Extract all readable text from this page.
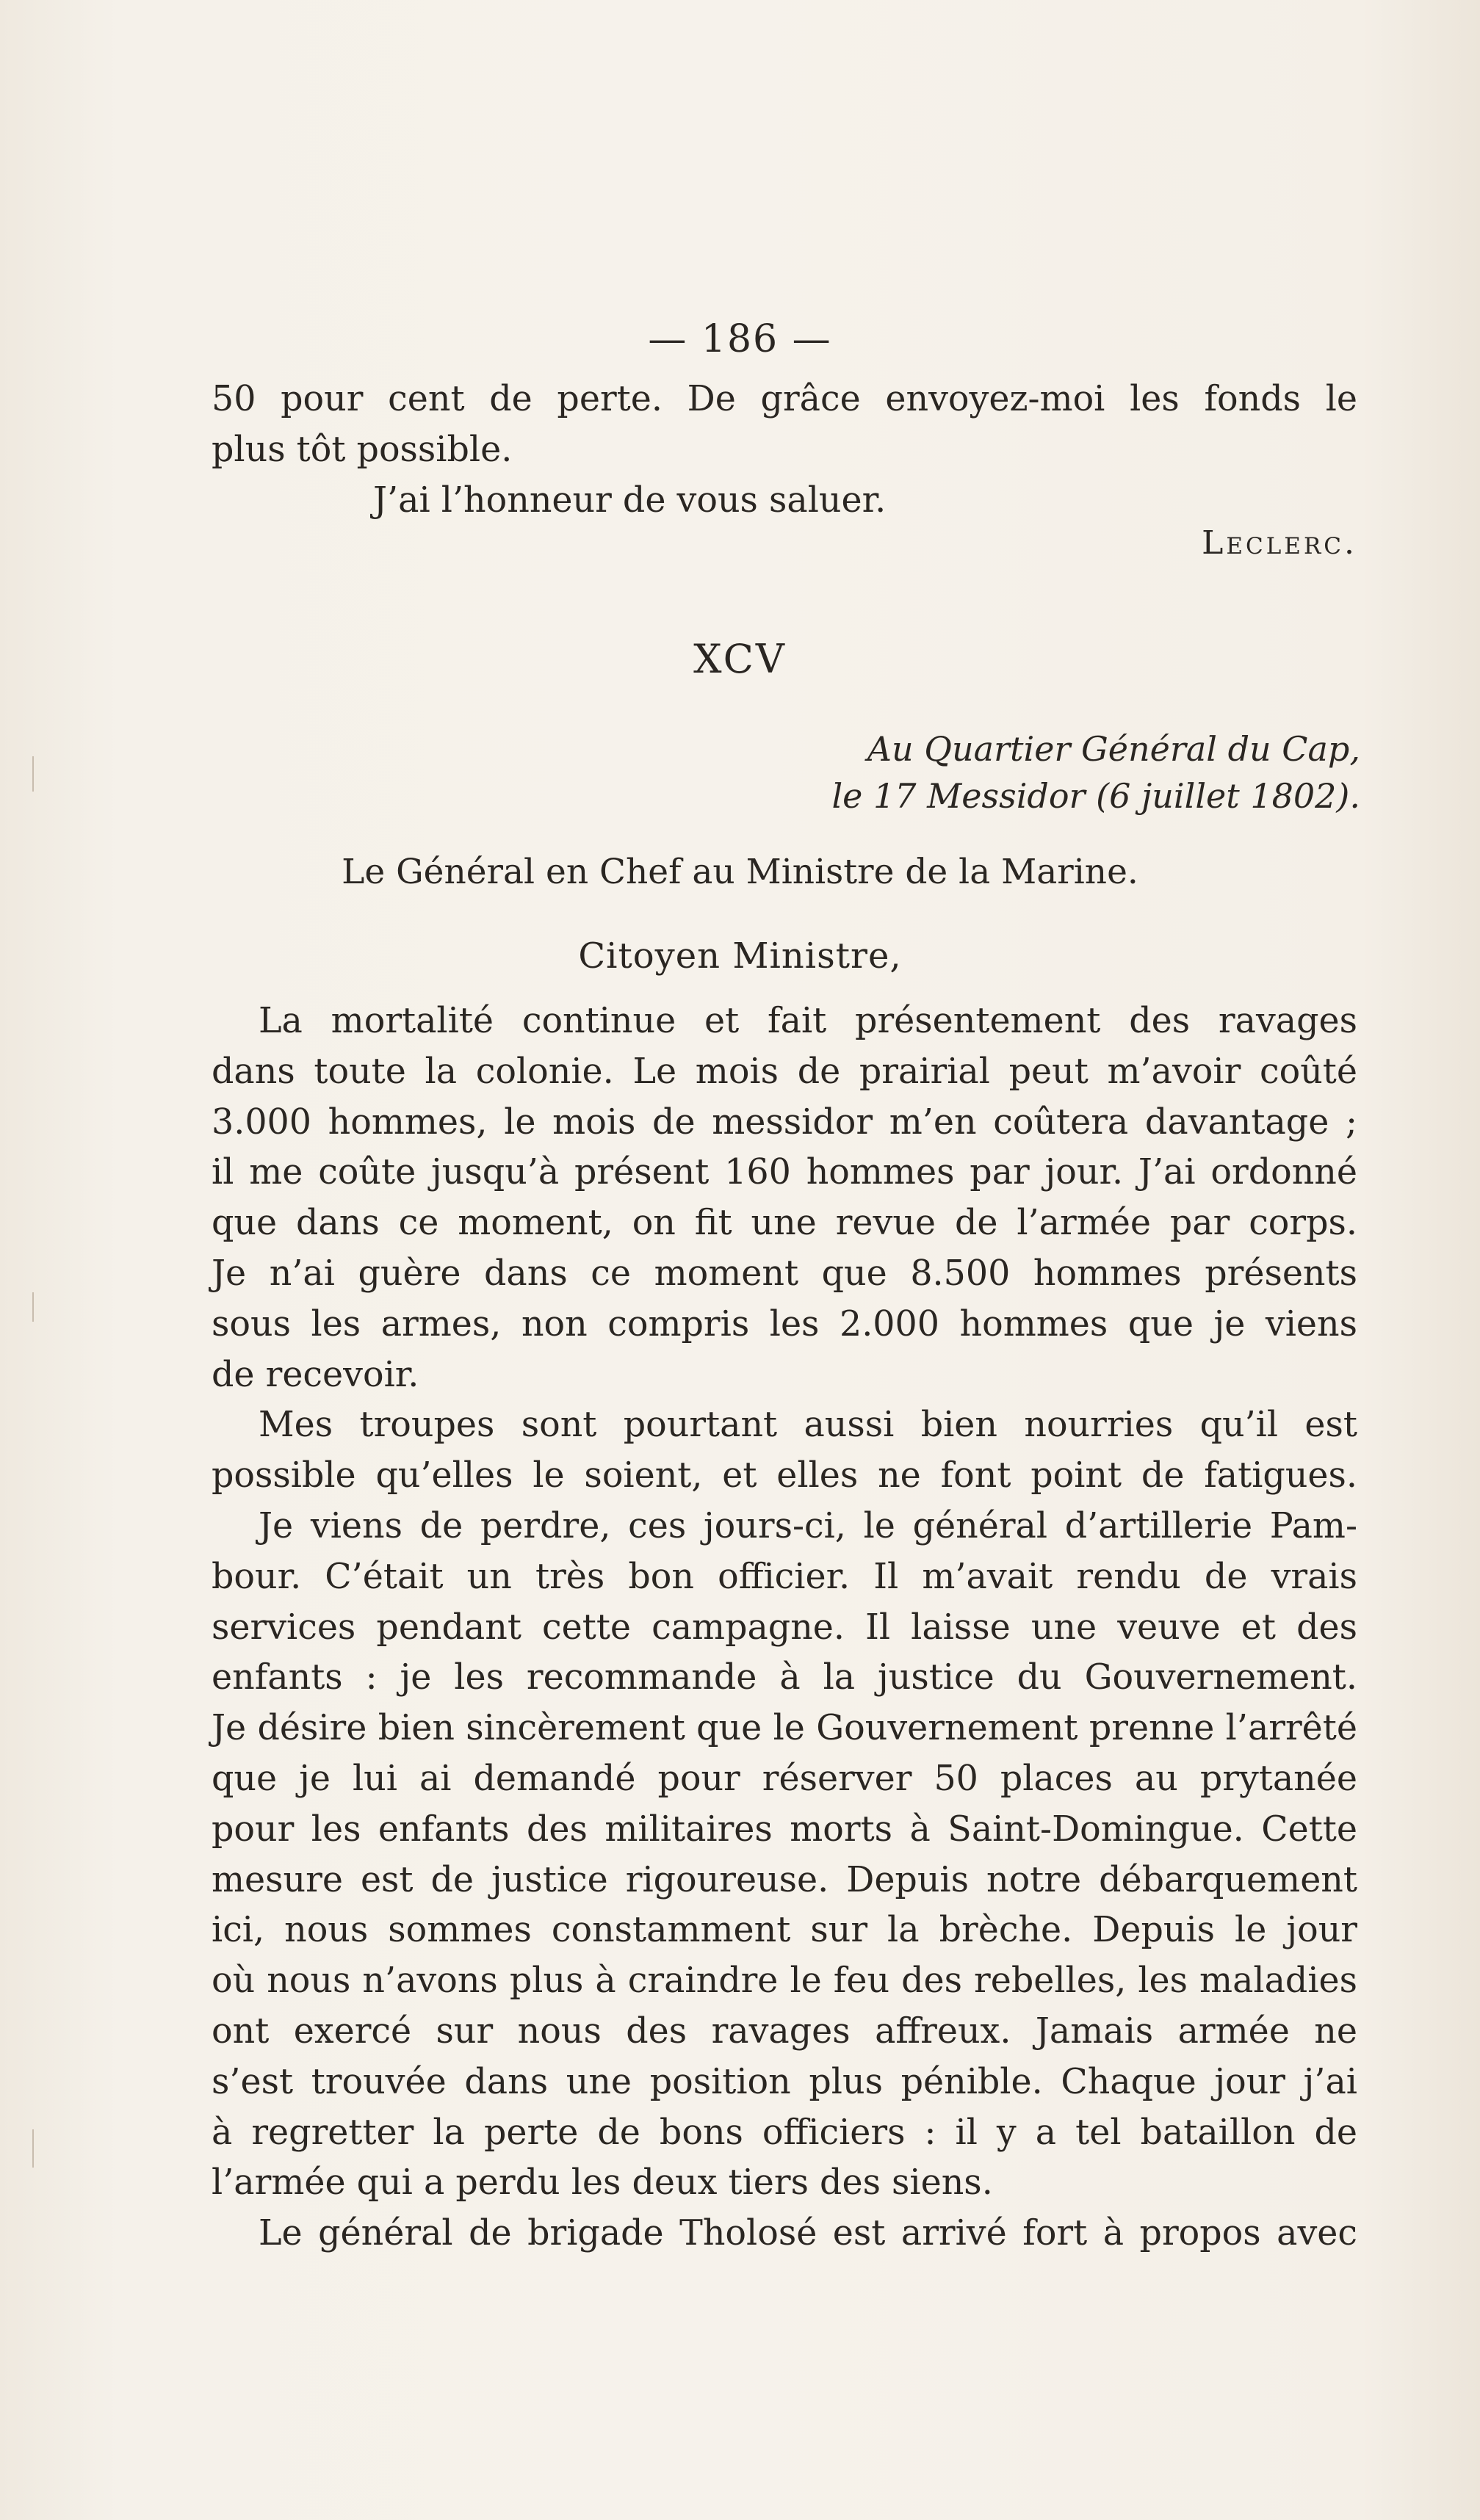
— 186 —
50 pour cent de perte. De grâce envoyez-moi les fonds le
plus tôt possible.
J’ai l’honneur de vous saluer.
Leclerc.
XCV
Au Quartier Général du Cap,
le 17 Messidor (6 juillet 1802).
Le Général en Chef au Ministre de la Marine.
Citoyen Ministre,
La mortalité continue et fait présentement des ravages
dans toute la colonie. Le mois de prairial peut m’avoir coûté
3.000 hommes, le mois de messidor m’en coûtera davantage ;
il me coûte jusqu’à présent 160 hommes par jour. J’ai ordonné
que dans ce moment, on fit une revue de l’armée par corps.
Je n’ai guère dans ce moment que 8.500 hommes présents
sous les armes, non compris les 2.000 hommes que je viens
de recevoir.
Mes troupes sont pourtant aussi bien nourries qu’il est
possible qu’elles le soient, et elles ne font point de fatigues.
Je viens de perdre, ces jours-ci, le général d’artillerie Pam-
bour. C’était un très bon officier. Il m’avait rendu de vrais
services pendant cette campagne. Il laisse une veuve et des
enfants : je les recommande à la justice du Gouvernement.
Je désire bien sincèrement que le Gouvernement prenne l’arrêté
que je lui ai demandé pour réserver 50 places au prytanée
pour les enfants des militaires morts à Saint-Domingue. Cette
mesure est de justice rigoureuse. Depuis notre débarquement
ici, nous sommes constamment sur la brèche. Depuis le jour
où nous n’avons plus à craindre le feu des rebelles, les maladies
ont exercé sur nous des ravages affreux. Jamais armée ne
s’est trouvée dans une position plus pénible. Chaque jour j’ai
à regretter la perte de bons officiers : il y a tel bataillon de
l’armée qui a perdu les deux tiers des siens.
Le général de brigade Tholosé est arrivé fort à propos avec
